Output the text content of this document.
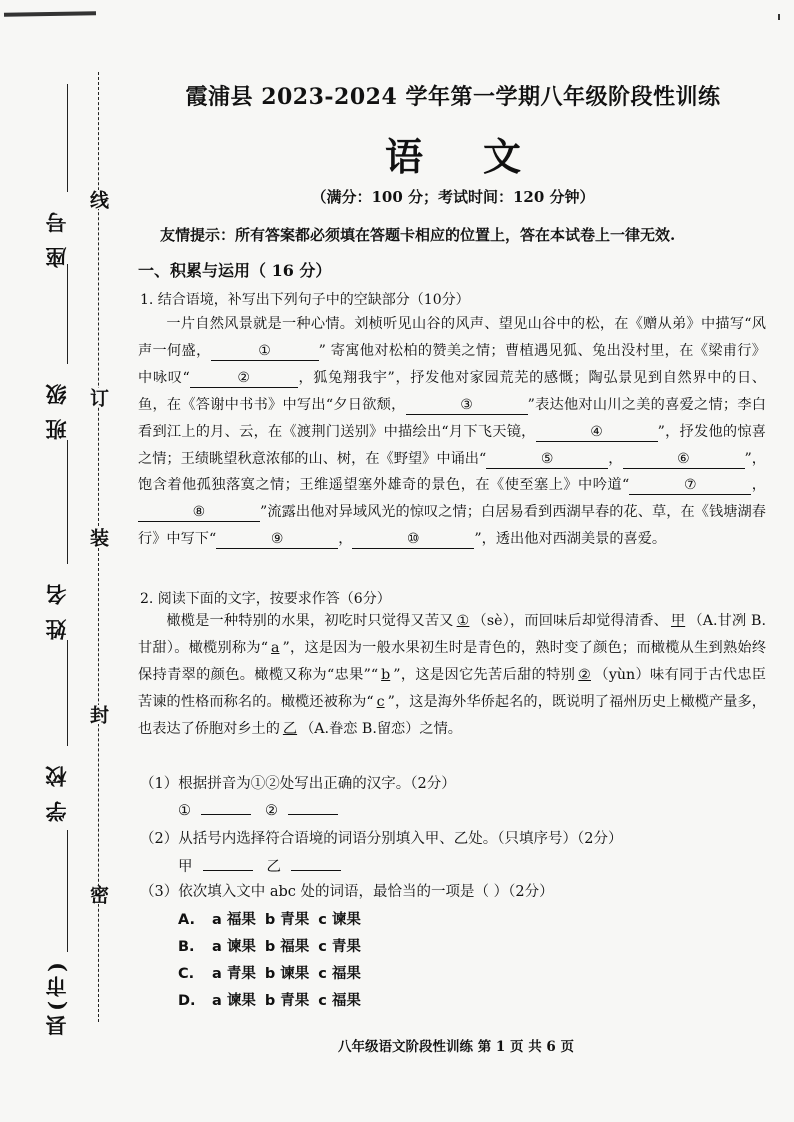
线
订
装
封
密
座号
班级
姓名
学校
县(市)
霞浦县 2023-2024 学年第一学期八年级阶段性训练
语文
（满分：100 分；考试时间：120 分钟）
友情提示：所有答案都必须填在答题卡相应的位置上，答在本试卷上一律无效.
一、积累与运用（ 16 分）
1. 结合语境，补写出下列句子中的空缺部分（10分）

一片自然风景就是一种心情。刘桢听见山谷的风声、望见山谷中的松，在《赠从弟》中描写“风声一何盛，	①	” 寄寓他对松柏的赞美之情；曹植遇见狐、兔出没村里，在《梁甫行》中咏叹“	②	，狐兔翔我宇”，抒发他对家园荒芜的感慨；陶弘景见到自然界中的日、鱼，在《答谢中书书》中写出“夕日欲颓，	③	”表达他对山川之美的喜爱之情；李白看到江上的月、云，在《渡荆门送别》中描绘出“月下飞天镜，	④	”，抒发他的惊喜之情；王绩眺望秋意浓郁的山、树，在《野望》中诵出“	⑤	，	⑥	”，饱含着他孤独落寞之情；王维遥望塞外雄奇的景色，在《使至塞上》中吟道“	⑦	，⑧	”流露出他对异域风光的惊叹之情；白居易看到西湖早春的花、草，在《钱塘湖春行》中写下“	⑨	，	⑩	”，透出他对西湖美景的喜爱。

2. 阅读下面的文字，按要求作答（6分）

橄榄是一种特别的水果，初吃时只觉得又苦又 ① （sè），而回味后却觉得清香、 甲 （A.甘冽 B.甘甜）。橄榄别称为“ a ”，这是因为一般水果初生时是青色的，熟时变了颜色；而橄榄从生到熟始终保持青翠的颜色。橄榄又称为“忠果”“ b ”，这是因它先苦后甜的特别 ② （yùn）味有同于古代忠臣苦谏的性格而称名的。橄榄还被称为“ c ”，这是海外华侨起名的，既说明了福州历史上橄榄产量多，也表达了侨胞对乡土的 乙 （A.眷恋 B.留恋）之情。

（1）根据拼音为①②处写出正确的汉字。（2分）
①	②
（2）从括号内选择符合语境的词语分别填入甲、乙处。（只填序号）（2分）
甲	乙
（3）依次填入文中 abc 处的词语，最恰当的一项是（ ）（2分）
A. a 福果 b 青果 c 谏果
B. a 谏果 b 福果 c 青果
C. a 青果 b 谏果 c 福果
D. a 谏果 b 青果 c 福果
八年级语文阶段性训练 第 1 页 共 6 页
